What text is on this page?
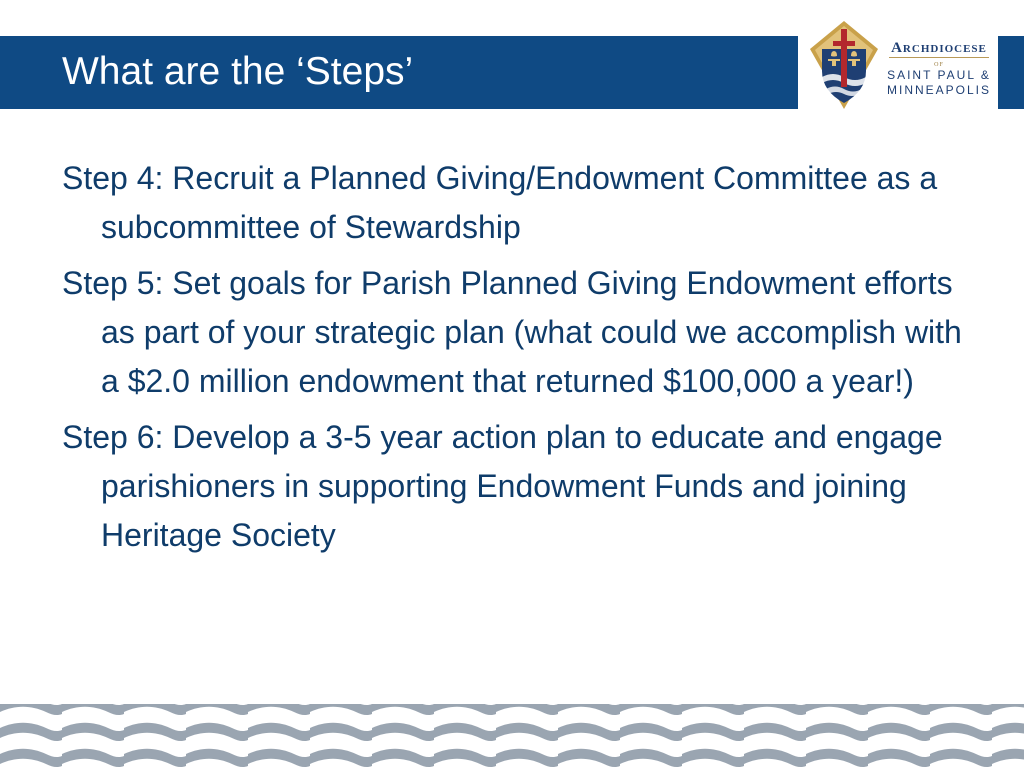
What are the ‘Steps’
Archdiocese
of
SAINT PAUL &
MINNEAPOLIS
Step 4: Recruit a Planned Giving/Endowment Committee as a subcommittee of Stewardship
Step 5: Set goals for Parish Planned Giving Endowment efforts as part of your strategic plan (what could we accomplish with a $2.0 million endowment that returned $100,000 a year!)
Step 6: Develop a 3-5 year action plan to educate and engage parishioners in supporting Endowment Funds and joining Heritage Society
